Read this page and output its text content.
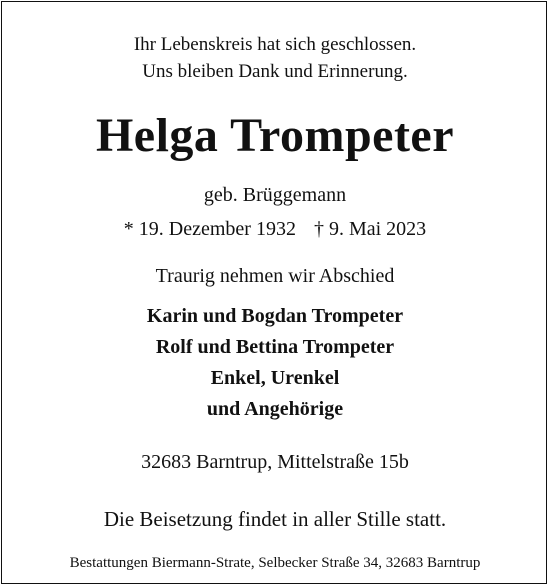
Ihr Lebenskreis hat sich geschlossen.
Uns bleiben Dank und Erinnerung.
Helga Trompeter
geb. Brüggemann
* 19. Dezember 1932 † 9. Mai 2023
Traurig nehmen wir Abschied
Karin und Bogdan Trompeter
Rolf und Bettina Trompeter
Enkel, Urenkel
und Angehörige
32683 Barntrup, Mittelstraße 15b
Die Beisetzung findet in aller Stille statt.
Bestattungen Biermann-Strate, Selbecker Straße 34, 32683 Barntrup
